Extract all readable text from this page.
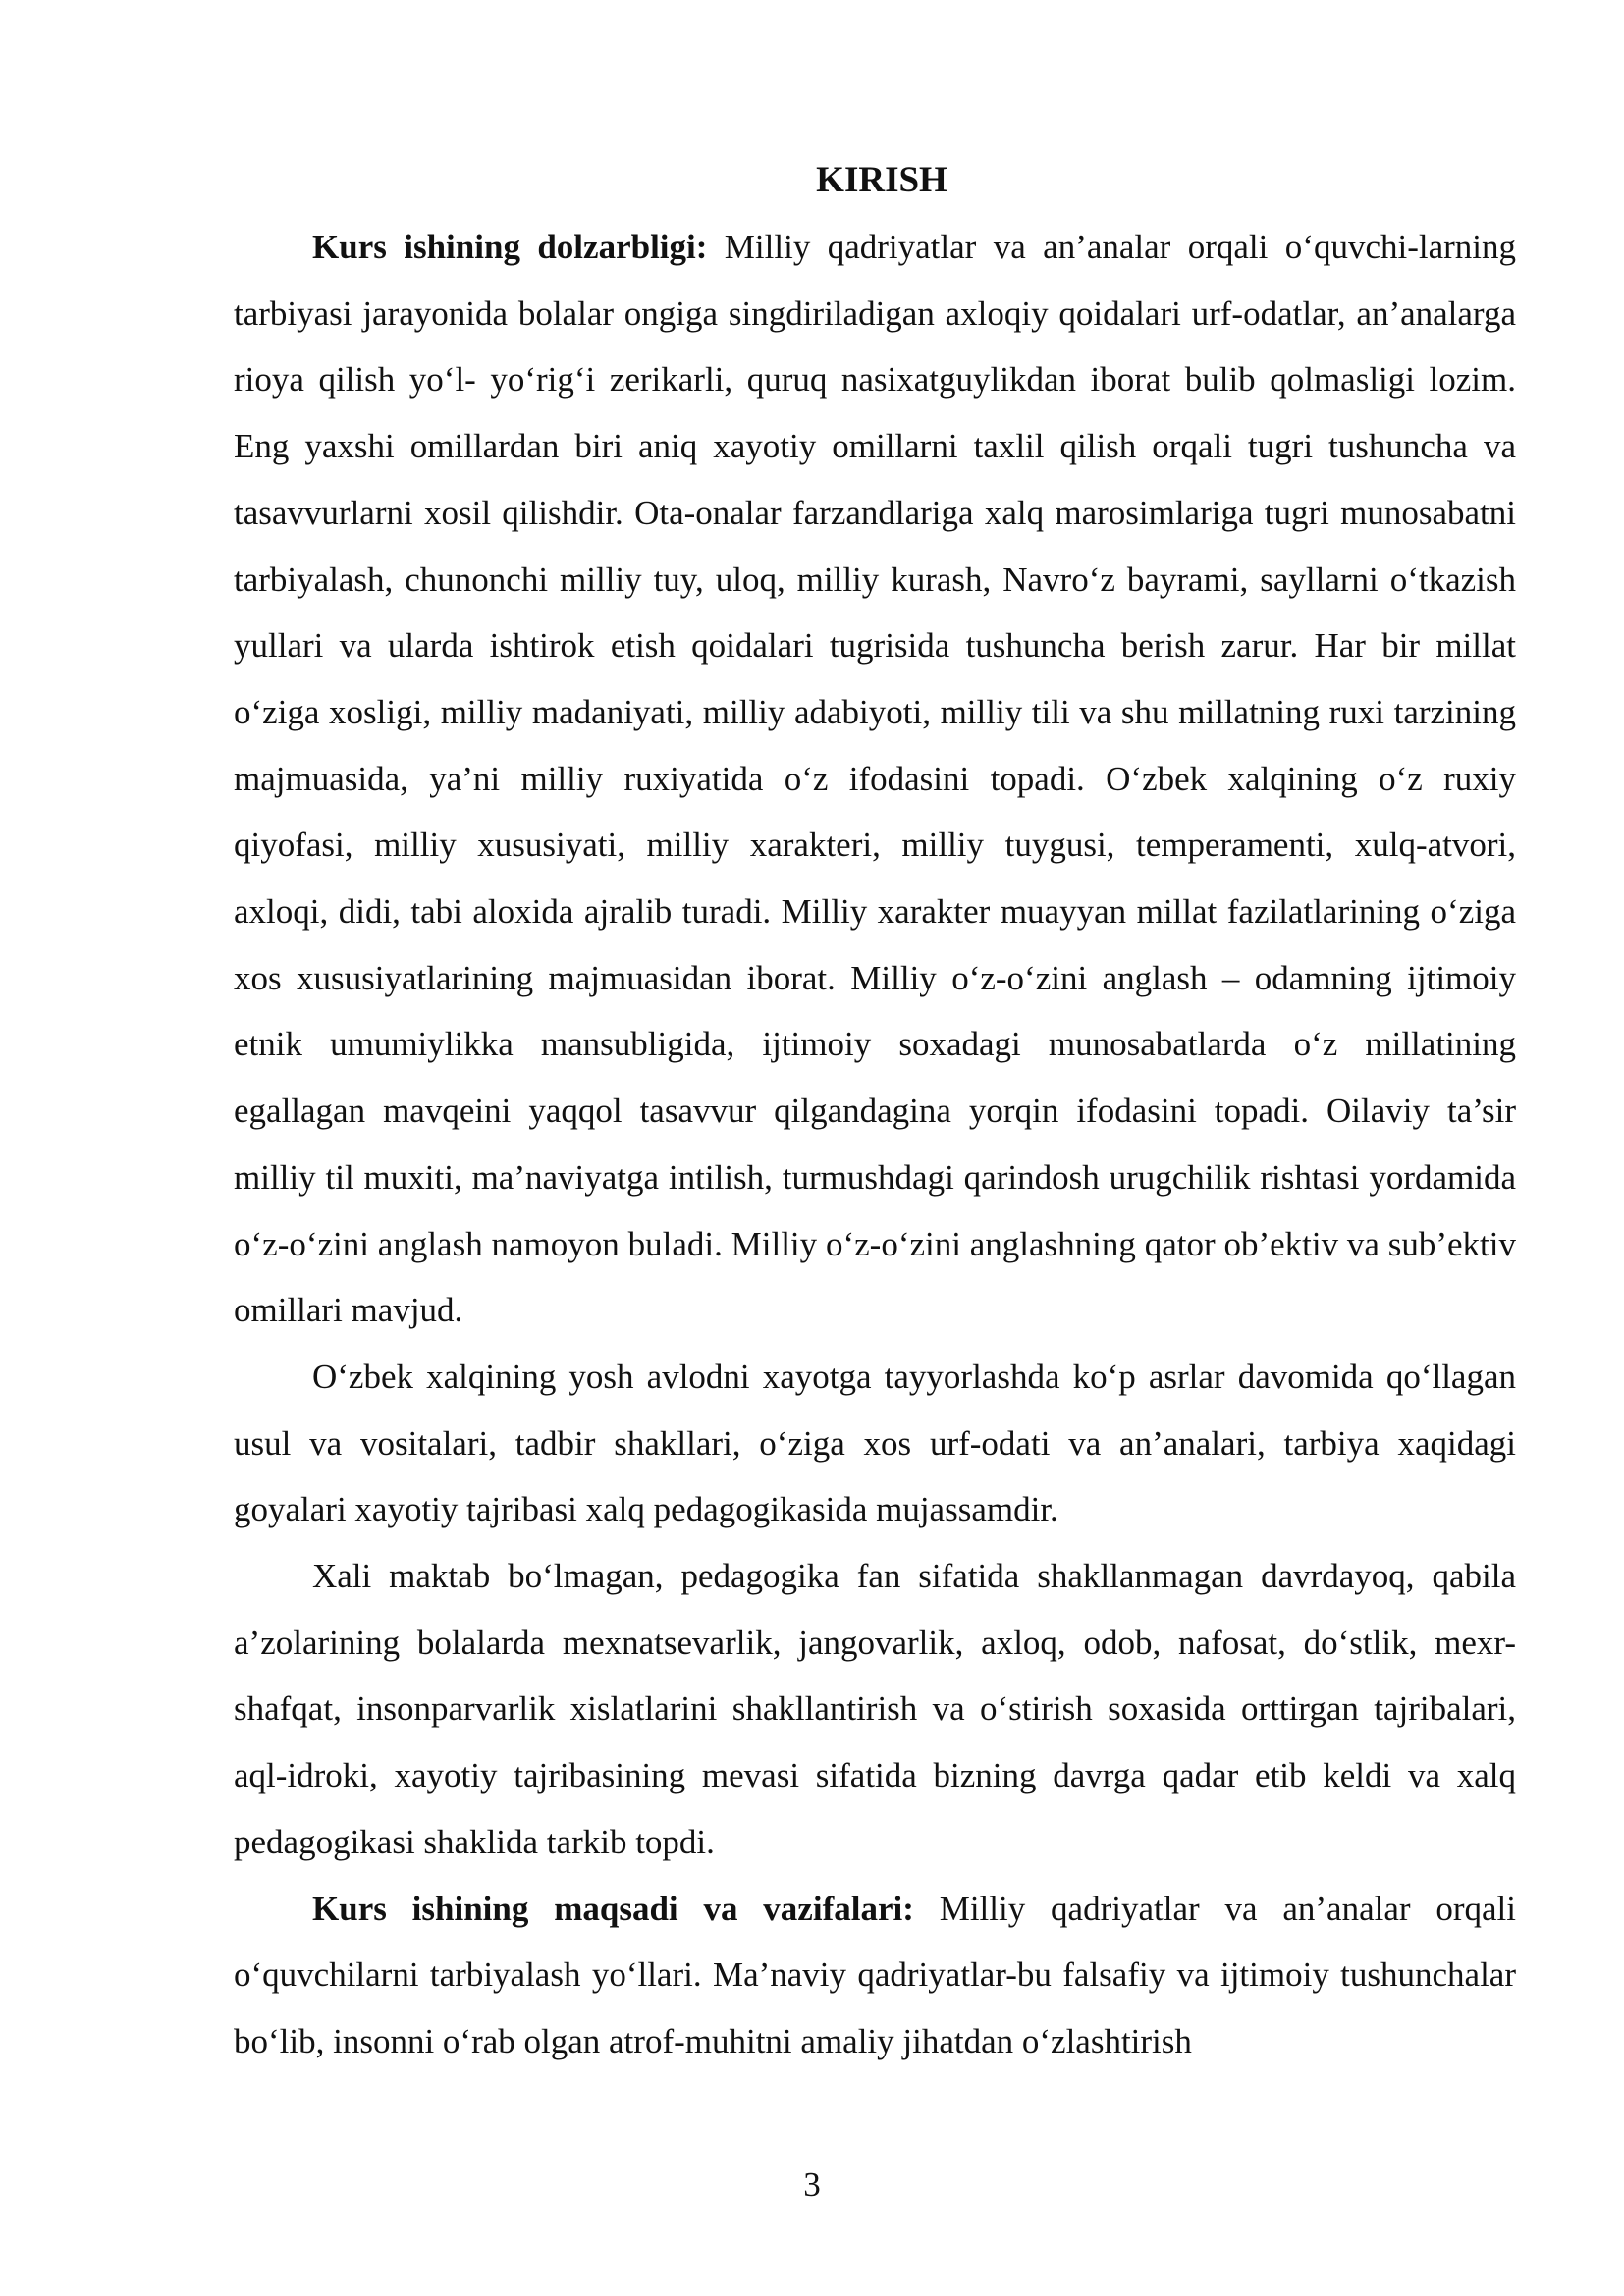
KIRISH

Kurs ishining dolzarbligi: Milliy qadriyatlar va an’analar orqali o‘quvchi-larning tarbiyasi jarayonida bolalar ongiga singdiriladigan axloqiy qoidalari urf-odatlar, an’analarga rioya qilish yo‘l- yo‘rig‘i zerikarli, quruq nasixatguylikdan iborat bulib qolmasligi lozim. Eng yaxshi omillardan biri aniq xayotiy omillarni taxlil qilish orqali tugri tushuncha va tasavvurlarni xosil qilishdir. Ota-onalar farzandlariga xalq marosimlariga tugri munosabatni tarbiyalash, chunonchi milliy tuy, uloq, milliy kurash, Navro‘z bayrami, sayllarni o‘tkazish yullari va ularda ishtirok etish qoidalari tugrisida tushuncha berish zarur. Har bir millat o‘ziga xosligi, milliy madaniyati, milliy adabiyoti, milliy tili va shu millatning ruxi tarzining majmuasida, ya’ni milliy ruxiyatida o‘z ifodasini topadi. O‘zbek xalqining o‘z ruxiy qiyofasi, milliy xususiyati, milliy xarakteri, milliy tuygusi, temperamenti, xulq-atvori, axloqi, didi, tabi aloxida ajralib turadi. Milliy xarakter muayyan millat fazilatlarining o‘ziga xos xususiyatlarining majmuasidan iborat. Milliy o‘z-o‘zini anglash – odamning ijtimoiy etnik umumiylikka mansubligida, ijtimoiy soxadagi munosabatlarda o‘z millatining egallagan mavqeini yaqqol tasavvur qilgandagina yorqin ifodasini topadi. Oilaviy ta’sir milliy til muxiti, ma’naviyatga intilish, turmushdagi qarindosh urugchilik rishtasi yordamida o‘z-o‘zini anglash namoyon buladi. Milliy o‘z-o‘zini anglashning qator ob’ektiv va sub’ektiv omillari mavjud.

O‘zbek xalqining yosh avlodni xayotga tayyorlashda ko‘p asrlar davomida qo‘llagan usul va vositalari, tadbir shakllari, o‘ziga xos urf-odati va an’analari, tarbiya xaqidagi goyalari xayotiy tajribasi xalq pedagogikasida mujassamdir.

Xali maktab bo‘lmagan, pedagogika fan sifatida shakllanmagan davrdayoq, qabila a’zolarining bolalarda mexnatsevarlik, jangovarlik, axloq, odob, nafosat, do‘stlik, mexr-shafqat, insonparvarlik xislatlarini shakllantirish va o‘stirish soxasida orttirgan tajribalari, aql-idroki, xayotiy tajribasining mevasi sifatida bizning davrga qadar etib keldi va xalq pedagogikasi shaklida tarkib topdi.

Kurs ishining maqsadi va vazifalari: Milliy qadriyatlar va an’analar orqali o‘quvchilarni tarbiyalash yo‘llari. Ma’naviy qadriyatlar-bu falsafiy va ijtimoiy tushunchalar bo‘lib, insonni o‘rab olgan atrof-muhitni amaliy jihatdan o‘zlashtirish

3
